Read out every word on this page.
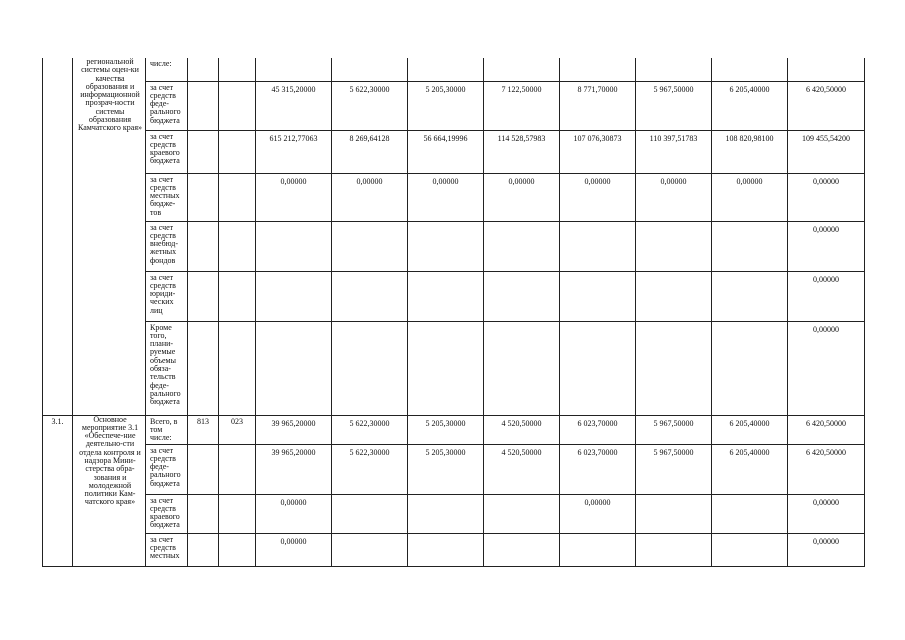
	региональной системы оцен-ки качества образования и информационной прозрач-ности системы образования Камчатского края»	числе:										
		за счет средств феде-рального бюджета			45 315,20000	5 622,30000	5 205,30000	7 122,50000	8 771,70000	5 967,50000	6 205,40000	6 420,50000
		за счет средств краевого бюджета			615 212,77063	8 269,64128	56 664,19996	114 528,57983	107 076,30873	110 397,51783	108 820,98100	109 455,54200
		за счет средств местных бюдже-тов			0,00000	0,00000	0,00000	0,00000	0,00000	0,00000	0,00000	0,00000
		за счет средств внебюд-жетных фондов										0,00000
		за счет средств юриди-ческих лиц										0,00000
		Кроме того, плани-руемые объемы обяза-тельств феде-рального бюджета										0,00000
3.1.	Основное мероприятие 3.1 «Обеспече-ние деятельно-сти отдела контроля и надзора Мини-стерства обра-зования и молодежной политики Кам-чатского края»	Всего, в том числе:	813	023	39 965,20000	5 622,30000	5 205,30000	4 520,50000	6 023,70000	5 967,50000	6 205,40000	6 420,50000
		за счет средств феде-рального бюджета			39 965,20000	5 622,30000	5 205,30000	4 520,50000	6 023,70000	5 967,50000	6 205,40000	6 420,50000
		за счет средств краевого бюджета			0,00000				0,00000			0,00000
		за счет средств местных			0,00000							0,00000
